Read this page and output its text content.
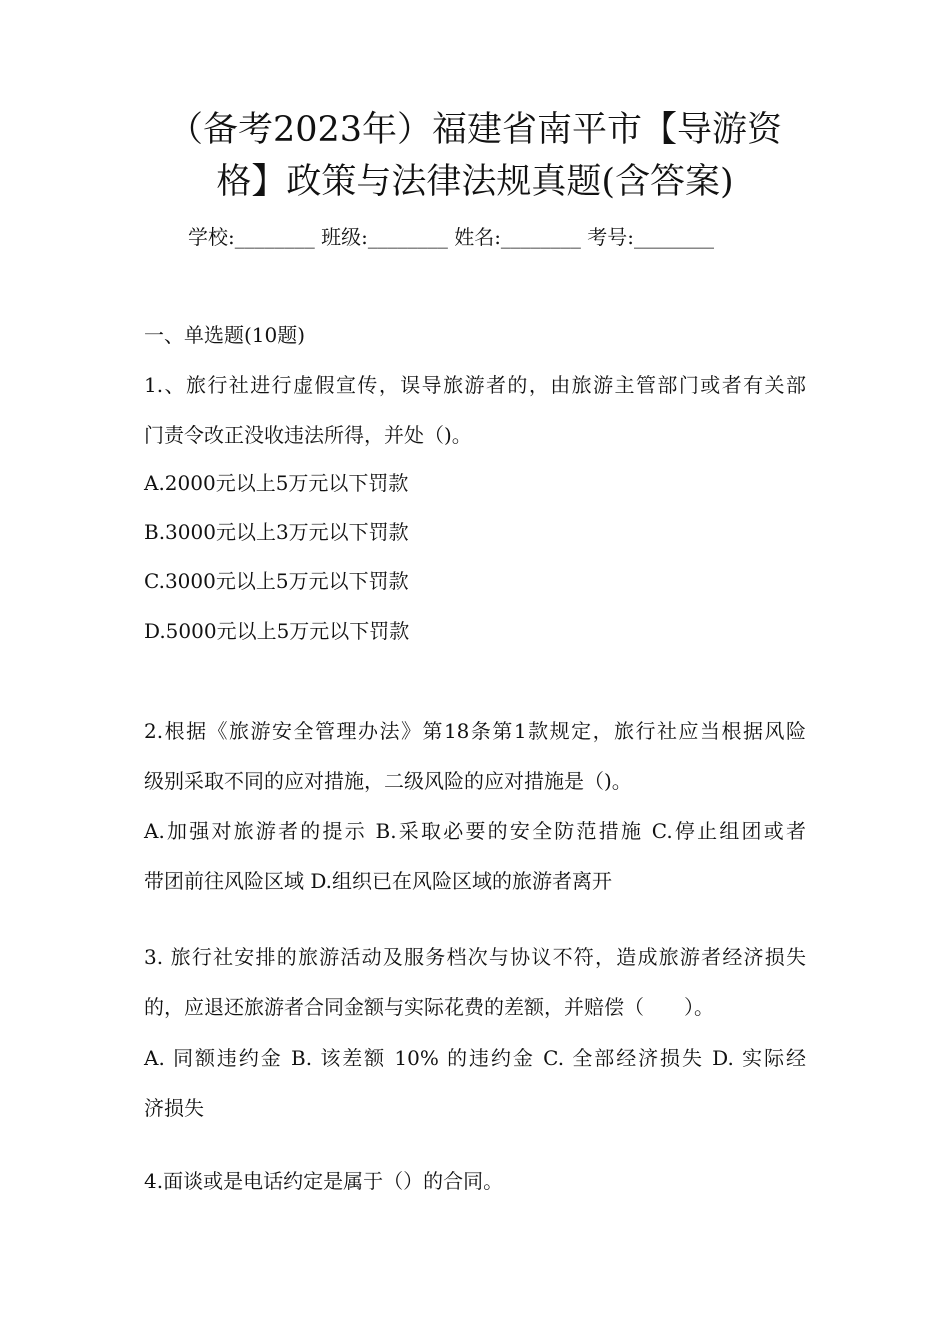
（备考2023年）福建省南平市【导游资
格】政策与法律法规真题(含答案)
学校:________ 班级:________ 姓名:________ 考号:________
一、单选题(10题)
1.、旅行社进行虚假宣传，误导旅游者的，由旅游主管部门或者有关部
门责令改正没收违法所得，并处（)。
A.2000元以上5万元以下罚款
B.3000元以上3万元以下罚款
C.3000元以上5万元以下罚款
D.5000元以上5万元以下罚款
2.根据《旅游安全管理办法》第18条第1款规定，旅行社应当根据风险
级别采取不同的应对措施，二级风险的应对措施是（)。
A.加强对旅游者的提示 B.采取必要的安全防范措施 C.停止组团或者
带团前往风险区域 D.组织已在风险区域的旅游者离开
3. 旅行社安排的旅游活动及服务档次与协议不符，造成旅游者经济损失
的，应退还旅游者合同金额与实际花费的差额，并赔偿（　　）。
A. 同额违约金 B. 该差额 10% 的违约金 C. 全部经济损失 D. 实际经
济损失
4.面谈或是电话约定是属于（）的合同。
